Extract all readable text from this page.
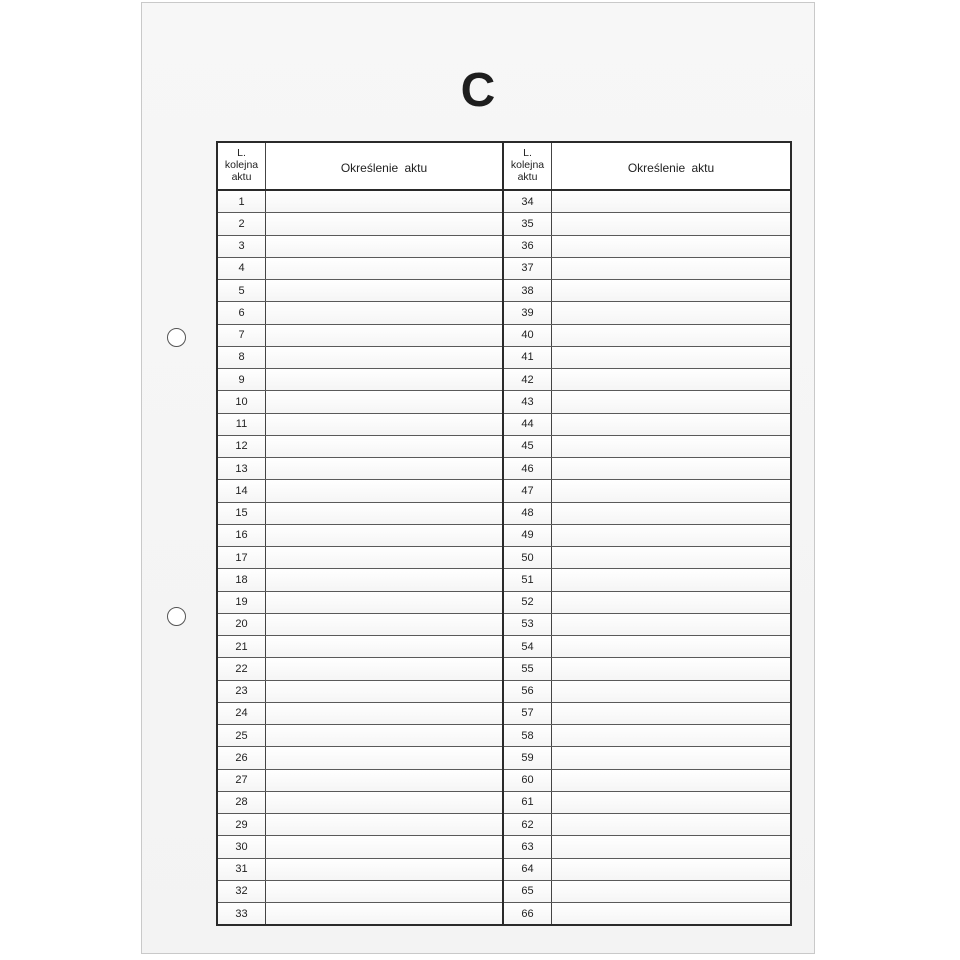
C
L.
kolejna
aktu
Określenie aktu
1
2
3
4
5
6
7
8
9
10
11
12
13
14
15
16
17
18
19
20
21
22
23
24
25
26
27
28
29
30
31
32
33
L.
kolejna
aktu
Określenie aktu
34
35
36
37
38
39
40
41
42
43
44
45
46
47
48
49
50
51
52
53
54
55
56
57
58
59
60
61
62
63
64
65
66
